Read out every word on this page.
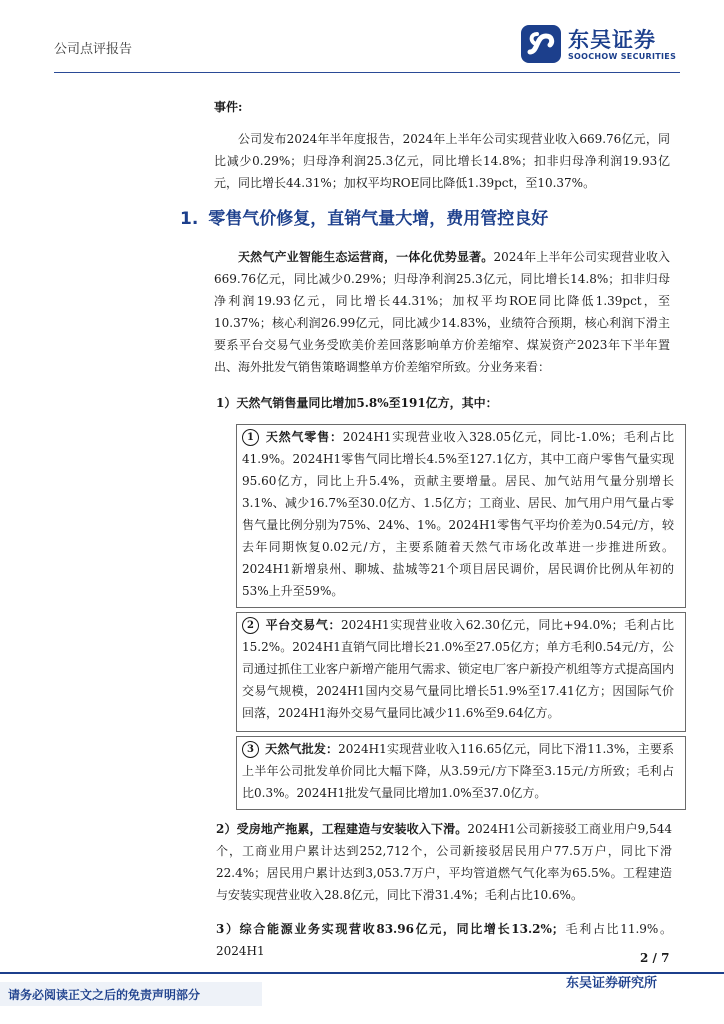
公司点评报告	东吴证券
SOOCHOW SECURITIES
事件:
公司发布2024年半年度报告，2024年上半年公司实现营业收入669.76亿元，同比减少0.29%；归母净利润25.3亿元，同比增长14.8%；扣非归母净利润19.93亿元，同比增长44.31%；加权平均ROE同比降低1.39pct，至10.37%。
1. 零售气价修复，直销气量大增，费用管控良好
天然气产业智能生态运营商，一体化优势显著。2024年上半年公司实现营业收入669.76亿元，同比减少0.29%；归母净利润25.3亿元，同比增长14.8%；扣非归母净利润19.93亿元，同比增长44.31%；加权平均ROE同比降低1.39pct，至10.37%；核心利润26.99亿元，同比减少14.83%，业绩符合预期，核心利润下滑主要系平台交易气业务受欧美价差回落影响单方价差缩窄、煤炭资产2023年下半年置出、海外批发气销售策略调整单方价差缩窄所致。分业务来看：
1）天然气销售量同比增加5.8%至191亿方，其中：
1 天然气零售：2024H1实现营业收入328.05亿元，同比-1.0%；毛利占比41.9%。2024H1零售气同比增长4.5%至127.1亿方，其中工商户零售气量实现95.60亿方，同比上升5.4%，贡献主要增量。居民、加气站用气量分别增长3.1%、减少16.7%至30.0亿方、1.5亿方；工商业、居民、加气用户用气量占零售气量比例分别为75%、24%、1%。2024H1零售气平均价差为0.54元/方，较去年同期恢复0.02元/方，主要系随着天然气市场化改革进一步推进所致。2024H1新增泉州、聊城、盐城等21个项目居民调价，居民调价比例从年初的53%上升至59%。
2 平台交易气：2024H1实现营业收入62.30亿元，同比+94.0%；毛利占比15.2%。2024H1直销气同比增长21.0%至27.05亿方；单方毛利0.54元/方，公司通过抓住工业客户新增产能用气需求、锁定电厂客户新投产机组等方式提高国内交易气规模，2024H1国内交易气量同比增长51.9%至17.41亿方；因国际气价回落，2024H1海外交易气量同比减少11.6%至9.64亿方。
3 天然气批发：2024H1实现营业收入116.65亿元，同比下滑11.3%，主要系上半年公司批发单价同比大幅下降，从3.59元/方下降至3.15元/方所致；毛利占比0.3%。2024H1批发气量同比增加1.0%至37.0亿方。
2）受房地产拖累，工程建造与安装收入下滑。2024H1公司新接驳工商业用户9,544个，工商业用户累计达到252,712个，公司新接驳居民用户77.5万户，同比下滑22.4%；居民用户累计达到3,053.7万户，平均管道燃气气化率为65.5%。工程建造与安装实现营业收入28.8亿元，同比下滑31.4%；毛利占比10.6%。
3）综合能源业务实现营收83.96亿元，同比增长13.2%；毛利占比11.9%。2024H1	2 / 7
请务必阅读正文之后的免责声明部分
东吴证券研究所
